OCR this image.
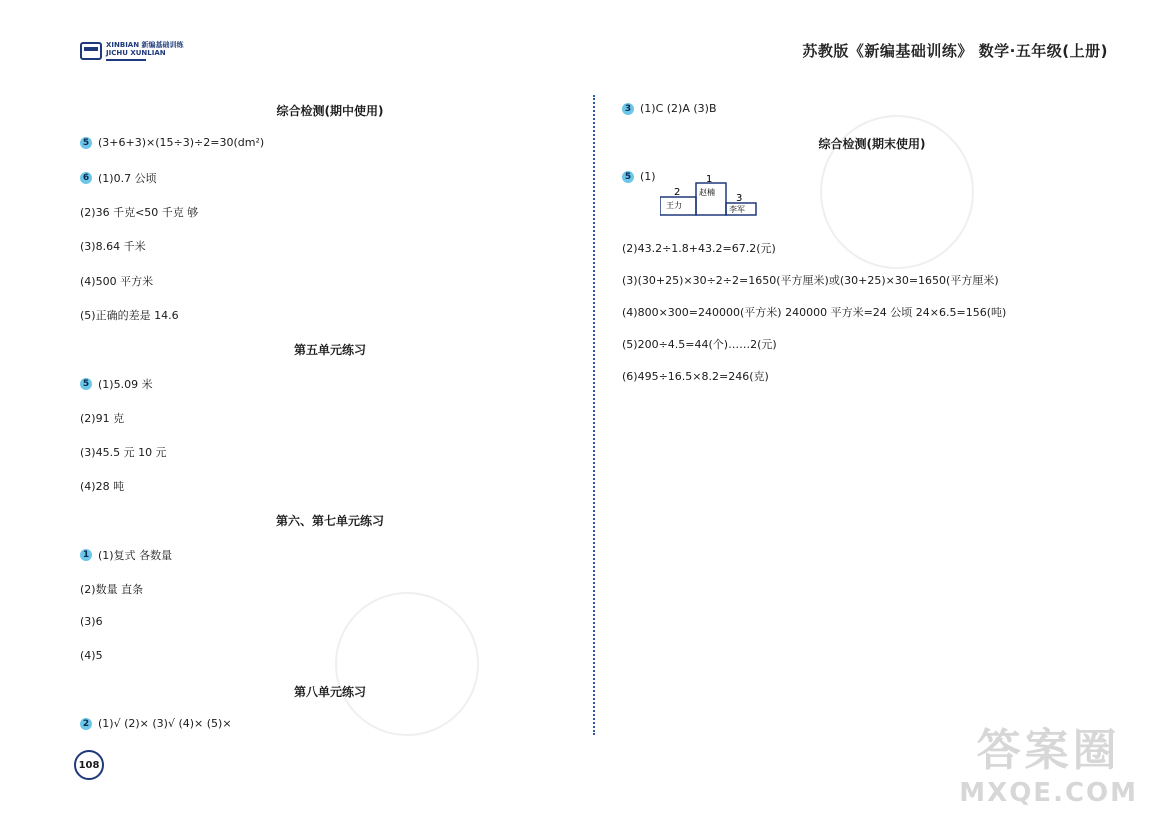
XINBIAN 新编基础训练
JICHU XUNLIAN	苏教版《新编基础训练》 数学·五年级(上册)
综合检测(期中使用)
5 (3+6+3)×(15÷3)÷2=30(dm²)
6 (1)0.7 公顷
(2)36 千克<50 千克 够
(3)8.64 千米
(4)500 平方米
(5)正确的差是 14.6
第五单元练习
5 (1)5.09 米
(2)91 克
(3)45.5 元 10 元
(4)28 吨
第六、第七单元练习
1 (1)复式 各数量
(2)数量 直条
(3)6
(4)5
第八单元练习
2 (1)√ (2)× (3)√ (4)× (5)×
3 (1)C (2)A (3)B
综合检测(期末使用)
5 (1)
(2)43.2÷1.8+43.2=67.2(元)
(3)(30+25)×30÷2÷2=1650(平方厘米)或(30+25)×30=1650(平方厘米)
(4)800×300=240000(平方米) 240000 平方米=24 公顷 24×6.5=156(吨)
(5)200÷4.5=44(个)……2(元)
(6)495÷16.5×8.2=246(克)
1
2
3
赵楠
王力	李军
108	答案圈
MXQE.COM
